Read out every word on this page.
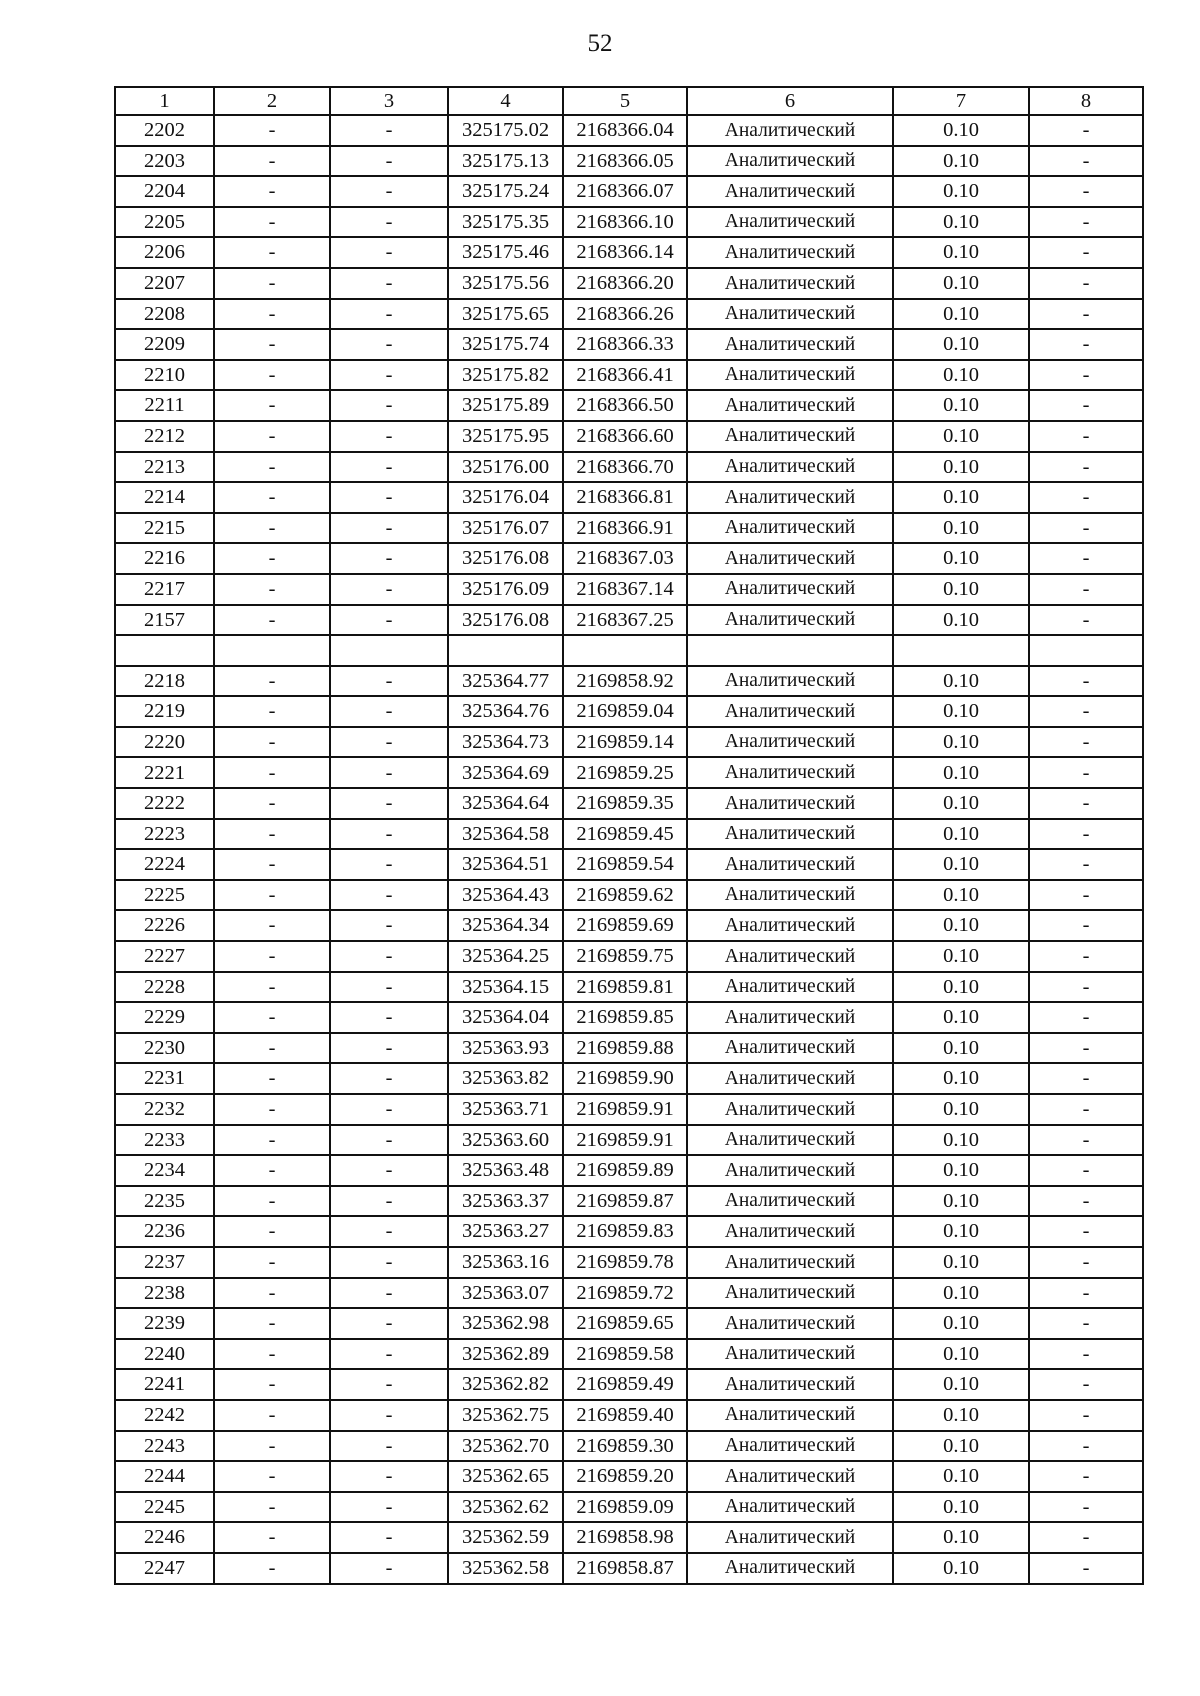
52
1	2	3	4	5	6	7	8
2202	-	-	325175.02	2168366.04	Аналитический	0.10	-
2203	-	-	325175.13	2168366.05	Аналитический	0.10	-
2204	-	-	325175.24	2168366.07	Аналитический	0.10	-
2205	-	-	325175.35	2168366.10	Аналитический	0.10	-
2206	-	-	325175.46	2168366.14	Аналитический	0.10	-
2207	-	-	325175.56	2168366.20	Аналитический	0.10	-
2208	-	-	325175.65	2168366.26	Аналитический	0.10	-
2209	-	-	325175.74	2168366.33	Аналитический	0.10	-
2210	-	-	325175.82	2168366.41	Аналитический	0.10	-
2211	-	-	325175.89	2168366.50	Аналитический	0.10	-
2212	-	-	325175.95	2168366.60	Аналитический	0.10	-
2213	-	-	325176.00	2168366.70	Аналитический	0.10	-
2214	-	-	325176.04	2168366.81	Аналитический	0.10	-
2215	-	-	325176.07	2168366.91	Аналитический	0.10	-
2216	-	-	325176.08	2168367.03	Аналитический	0.10	-
2217	-	-	325176.09	2168367.14	Аналитический	0.10	-
2157	-	-	325176.08	2168367.25	Аналитический	0.10	-

2218	-	-	325364.77	2169858.92	Аналитический	0.10	-
2219	-	-	325364.76	2169859.04	Аналитический	0.10	-
2220	-	-	325364.73	2169859.14	Аналитический	0.10	-
2221	-	-	325364.69	2169859.25	Аналитический	0.10	-
2222	-	-	325364.64	2169859.35	Аналитический	0.10	-
2223	-	-	325364.58	2169859.45	Аналитический	0.10	-
2224	-	-	325364.51	2169859.54	Аналитический	0.10	-
2225	-	-	325364.43	2169859.62	Аналитический	0.10	-
2226	-	-	325364.34	2169859.69	Аналитический	0.10	-
2227	-	-	325364.25	2169859.75	Аналитический	0.10	-
2228	-	-	325364.15	2169859.81	Аналитический	0.10	-
2229	-	-	325364.04	2169859.85	Аналитический	0.10	-
2230	-	-	325363.93	2169859.88	Аналитический	0.10	-
2231	-	-	325363.82	2169859.90	Аналитический	0.10	-
2232	-	-	325363.71	2169859.91	Аналитический	0.10	-
2233	-	-	325363.60	2169859.91	Аналитический	0.10	-
2234	-	-	325363.48	2169859.89	Аналитический	0.10	-
2235	-	-	325363.37	2169859.87	Аналитический	0.10	-
2236	-	-	325363.27	2169859.83	Аналитический	0.10	-
2237	-	-	325363.16	2169859.78	Аналитический	0.10	-
2238	-	-	325363.07	2169859.72	Аналитический	0.10	-
2239	-	-	325362.98	2169859.65	Аналитический	0.10	-
2240	-	-	325362.89	2169859.58	Аналитический	0.10	-
2241	-	-	325362.82	2169859.49	Аналитический	0.10	-
2242	-	-	325362.75	2169859.40	Аналитический	0.10	-
2243	-	-	325362.70	2169859.30	Аналитический	0.10	-
2244	-	-	325362.65	2169859.20	Аналитический	0.10	-
2245	-	-	325362.62	2169859.09	Аналитический	0.10	-
2246	-	-	325362.59	2169858.98	Аналитический	0.10	-
2247	-	-	325362.58	2169858.87	Аналитический	0.10	-
